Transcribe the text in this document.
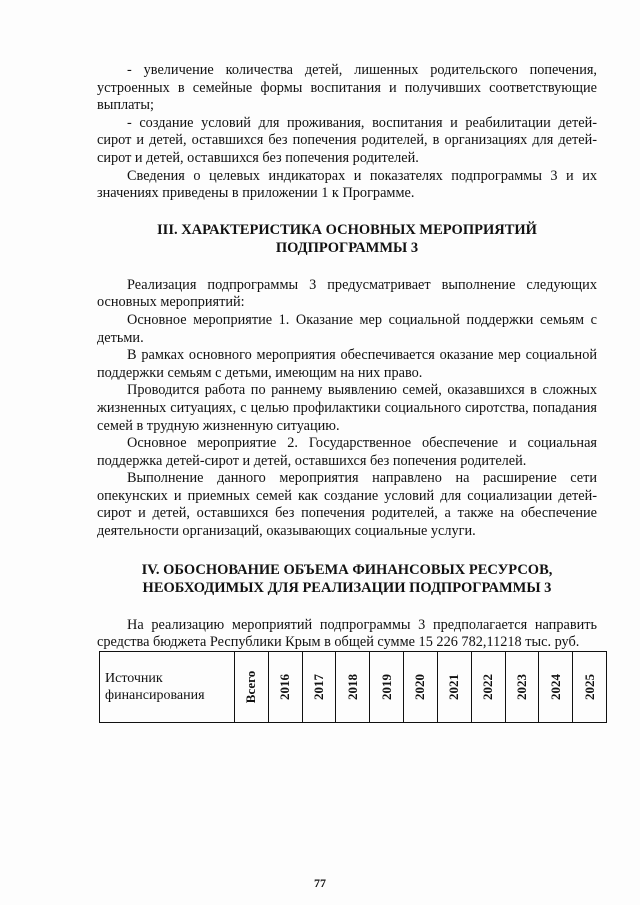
- увеличение количества детей, лишенных родительского попечения, устроенных в семейные формы воспитания и получивших соответствующие выплаты;

- создание условий для проживания, воспитания и реабилитации детей-сирот и детей, оставшихся без попечения родителей, в организациях для детей-сирот и детей, оставшихся без попечения родителей.

Сведения о целевых индикаторах и показателях подпрограммы 3 и их значениях приведены в приложении 1 к Программе.

III. ХАРАКТЕРИСТИКА ОСНОВНЫХ МЕРОПРИЯТИЙ
ПОДПРОГРАММЫ 3

Реализация подпрограммы 3 предусматривает выполнение следующих основных мероприятий:

Основное мероприятие 1. Оказание мер социальной поддержки семьям с детьми.

В рамках основного мероприятия обеспечивается оказание мер социальной поддержки семьям с детьми, имеющим на них право.

Проводится работа по раннему выявлению семей, оказавшихся в сложных жизненных ситуациях, с целью профилактики социального сиротства, попадания семей в трудную жизненную ситуацию.

Основное мероприятие 2. Государственное обеспечение и социальная поддержка детей-сирот и детей, оставшихся без попечения родителей.

Выполнение данного мероприятия направлено на расширение сети опекунских и приемных семей как создание условий для социализации детей-сирот и детей, оставшихся без попечения родителей, а также на обеспечение деятельности организаций, оказывающих социальные услуги.

IV. ОБОСНОВАНИЕ ОБЪЕМА ФИНАНСОВЫХ РЕСУРСОВ,
НЕОБХОДИМЫХ ДЛЯ РЕАЛИЗАЦИИ ПОДПРОГРАММЫ 3

На реализацию мероприятий подпрограммы 3 предполагается направить средства бюджета Республики Крым в общей сумме 15 226 782,11218 тыс. руб.

Источник финансирования	Всего	2016	2017	2018	2019	2020	2021	2022	2023	2024	2025
77
